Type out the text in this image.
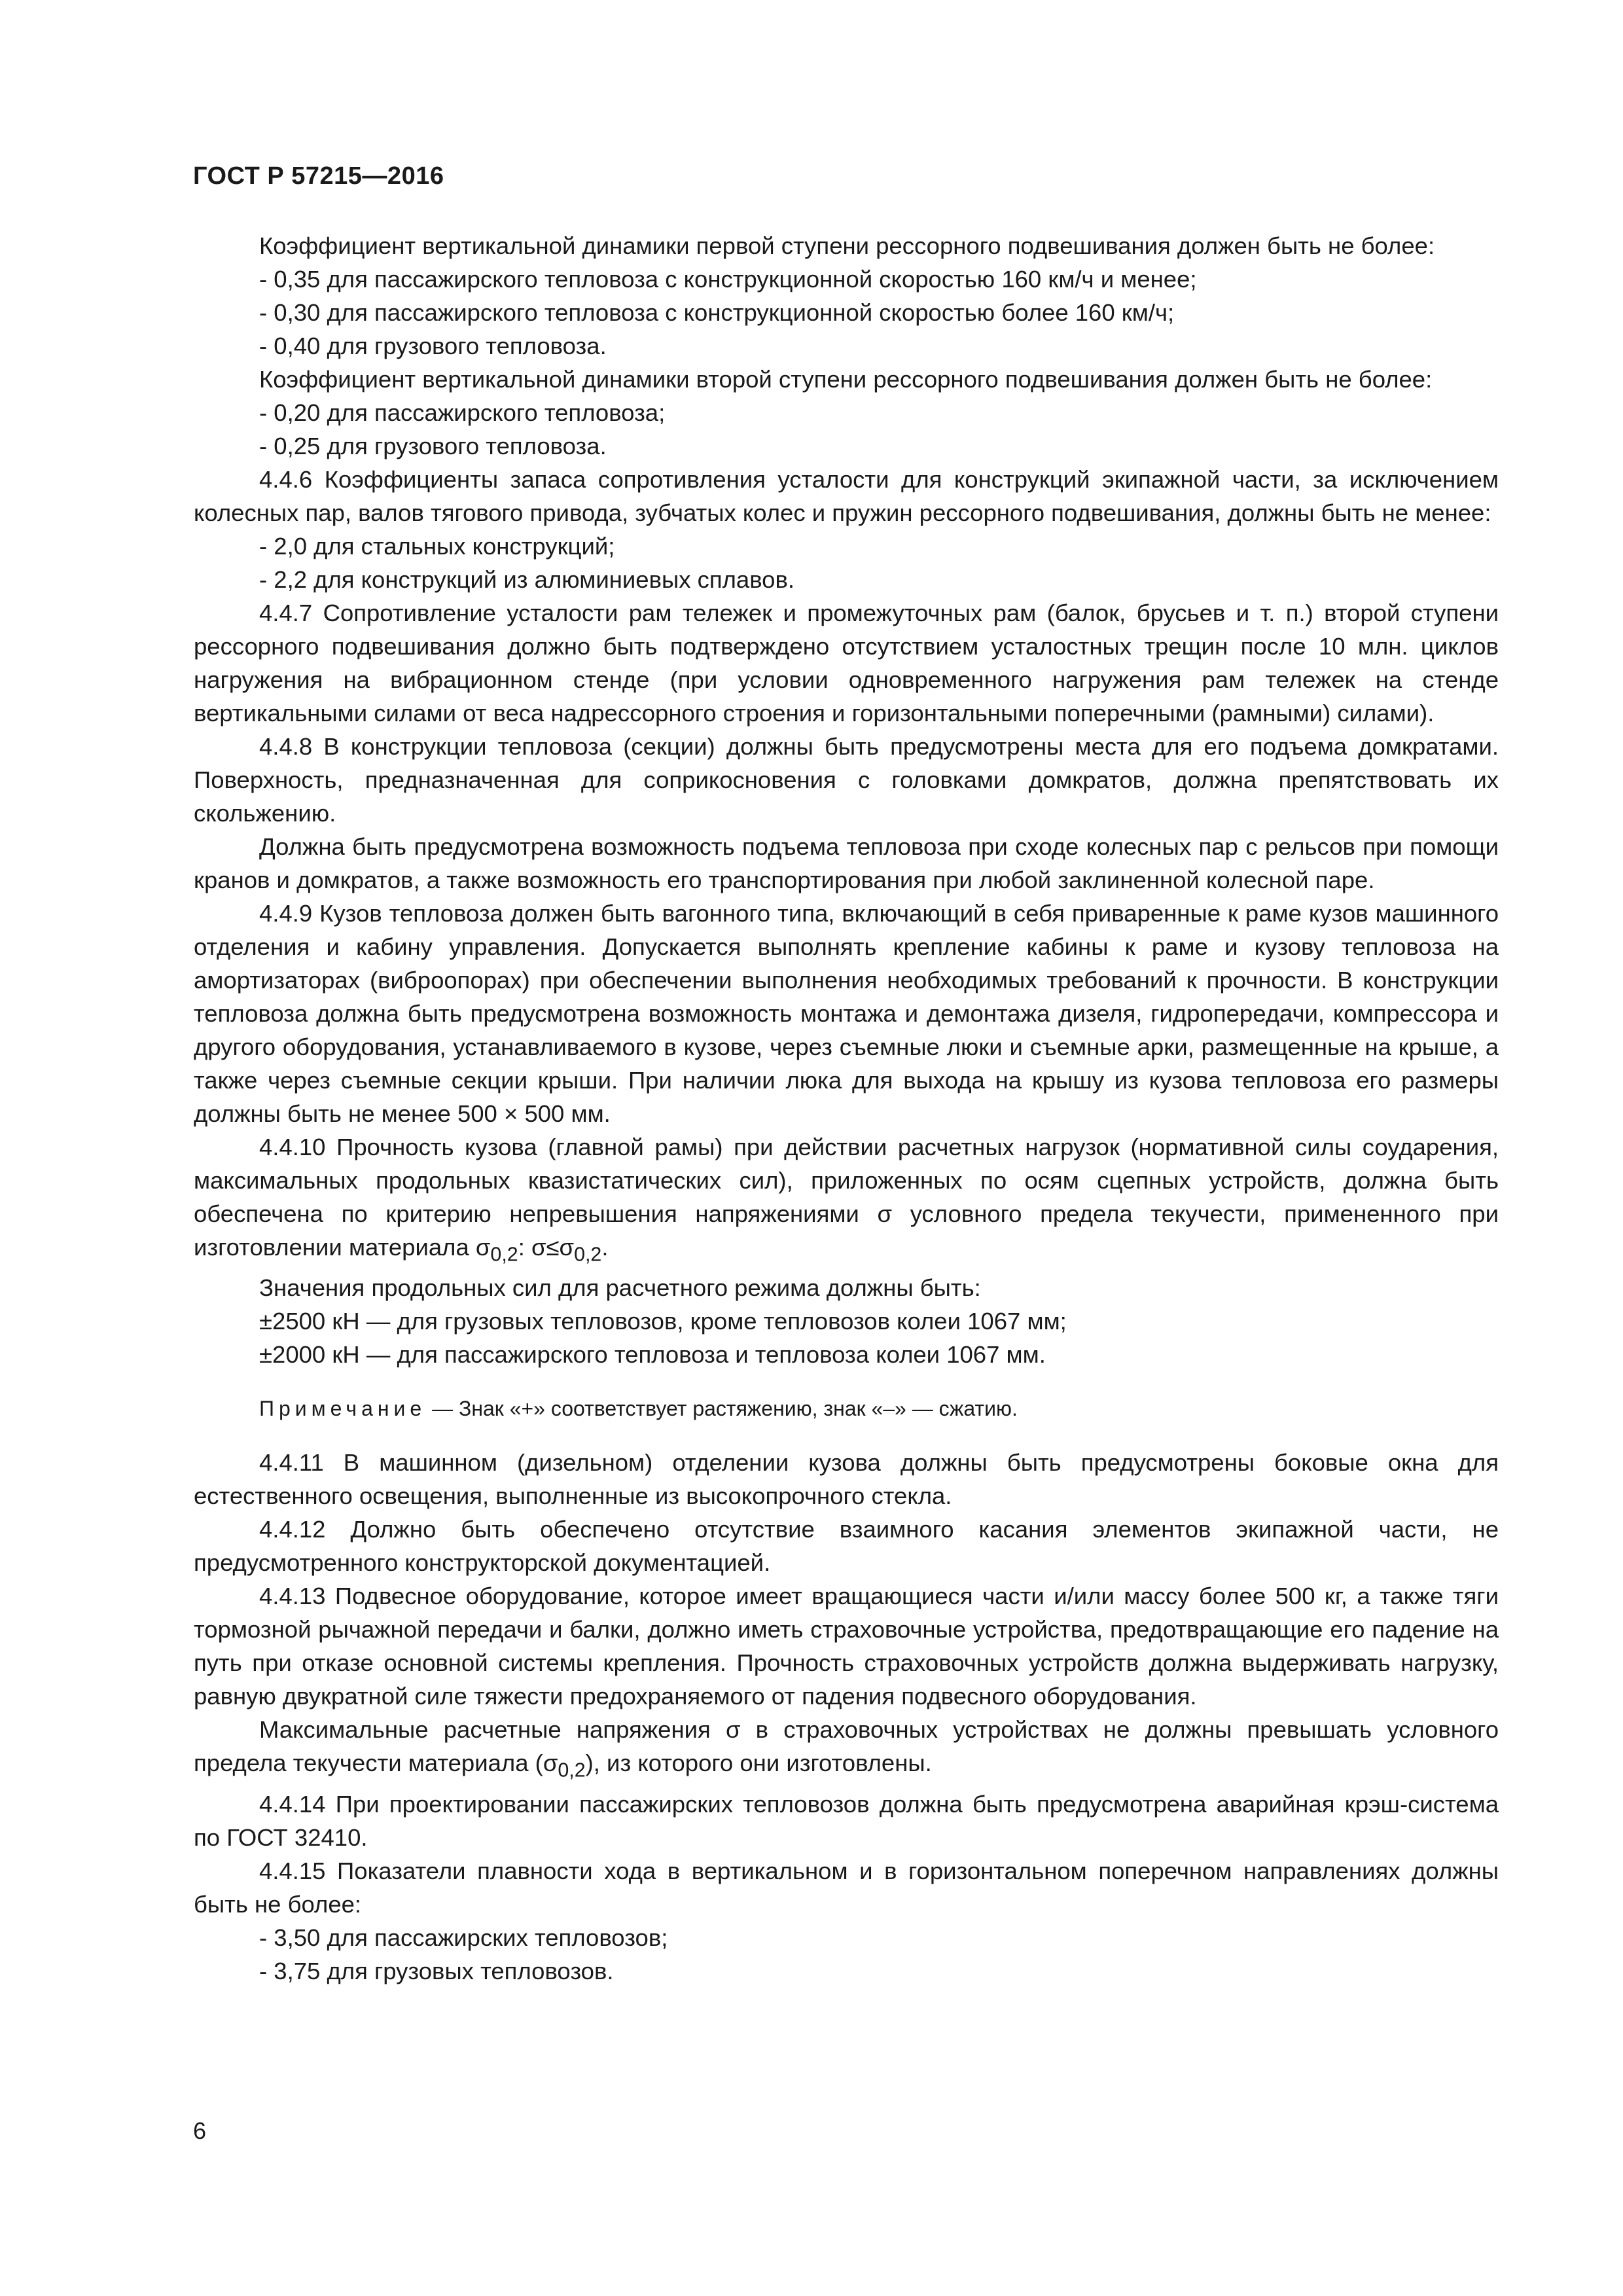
ГОСТ Р 57215—2016

Коэффициент вертикальной динамики первой ступени рессорного подвешивания должен быть не более:

- 0,35 для пассажирского тепловоза с конструкционной скоростью 160 км/ч и менее;

- 0,30 для пассажирского тепловоза с конструкционной скоростью более 160 км/ч;

- 0,40 для грузового тепловоза.

Коэффициент вертикальной динамики второй ступени рессорного подвешивания должен быть не более:

- 0,20 для пассажирского тепловоза;

- 0,25 для грузового тепловоза.

4.4.6 Коэффициенты запаса сопротивления усталости для конструкций экипажной части, за исключением колесных пар, валов тягового привода, зубчатых колес и пружин рессорного подвешивания, должны быть не менее:

- 2,0 для стальных конструкций;

- 2,2 для конструкций из алюминиевых сплавов.

4.4.7 Сопротивление усталости рам тележек и промежуточных рам (балок, брусьев и т. п.) второй ступени рессорного подвешивания должно быть подтверждено отсутствием усталостных трещин после 10 млн. циклов нагружения на вибрационном стенде (при условии одновременного нагружения рам тележек на стенде вертикальными силами от веса надрессорного строения и горизонтальными поперечными (рамными) силами).

4.4.8 В конструкции тепловоза (секции) должны быть предусмотрены места для его подъема домкратами. Поверхность, предназначенная для соприкосновения с головками домкратов, должна препятствовать их скольжению.

Должна быть предусмотрена возможность подъема тепловоза при сходе колесных пар с рельсов при помощи кранов и домкратов, а также возможность его транспортирования при любой заклиненной колесной паре.

4.4.9 Кузов тепловоза должен быть вагонного типа, включающий в себя приваренные к раме кузов машинного отделения и кабину управления. Допускается выполнять крепление кабины к раме и кузову тепловоза на амортизаторах (виброопорах) при обеспечении выполнения необходимых требований к прочности. В конструкции тепловоза должна быть предусмотрена возможность монтажа и демонтажа дизеля, гидропередачи, компрессора и другого оборудования, устанавливаемого в кузове, через съемные люки и съемные арки, размещенные на крыше, а также через съемные секции крыши. При наличии люка для выхода на крышу из кузова тепловоза его размеры должны быть не менее 500 × 500 мм.

4.4.10 Прочность кузова (главной рамы) при действии расчетных нагрузок (нормативной силы соударения, максимальных продольных квазистатических сил), приложенных по осям сцепных устройств, должна быть обеспечена по критерию непревышения напряжениями σ условного предела текучести, примененного при изготовлении материала $\sigma_{0,2}$: $\sigma\le\sigma_{0,2}$.

Значения продольных сил для расчетного режима должны быть:

±2500 кН — для грузовых тепловозов, кроме тепловозов колеи 1067 мм;

±2000 кН — для пассажирского тепловоза и тепловоза колеи 1067 мм.

Примечание — Знак «+» соответствует растяжению, знак «–» — сжатию.

4.4.11 В машинном (дизельном) отделении кузова должны быть предусмотрены боковые окна для естественного освещения, выполненные из высокопрочного стекла.

4.4.12 Должно быть обеспечено отсутствие взаимного касания элементов экипажной части, не предусмотренного конструкторской документацией.

4.4.13 Подвесное оборудование, которое имеет вращающиеся части и/или массу более 500 кг, а также тяги тормозной рычажной передачи и балки, должно иметь страховочные устройства, предотвращающие его падение на путь при отказе основной системы крепления. Прочность страховочных устройств должна выдерживать нагрузку, равную двукратной силе тяжести предохраняемого от падения подвесного оборудования.

Максимальные расчетные напряжения σ в страховочных устройствах не должны превышать условного предела текучести материала $(\sigma_{0,2})$, из которого они изготовлены.

4.4.14 При проектировании пассажирских тепловозов должна быть предусмотрена аварийная крэш-система по ГОСТ 32410.

4.4.15 Показатели плавности хода в вертикальном и в горизонтальном поперечном направлениях должны быть не более:

- 3,50 для пассажирских тепловозов;

- 3,75 для грузовых тепловозов.

6
